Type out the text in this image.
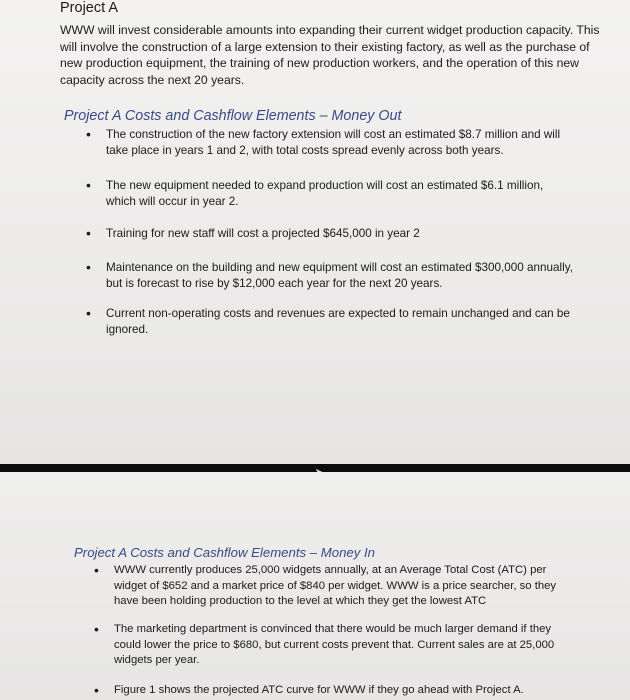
Project A

WWW will invest considerable amounts into expanding their current widget production capacity. This will involve the construction of a large extension to their existing factory, as well as the purchase of new production equipment, the training of new production workers, and the operation of this new capacity across the next 20 years.

Project A Costs and Cashflow Elements – Money Out
• The construction of the new factory extension will cost an estimated $8.7 million and will take place in years 1 and 2, with total costs spread evenly across both years.
• The new equipment needed to expand production will cost an estimated $6.1 million, which will occur in year 2.
• Training for new staff will cost a projected $645,000 in year 2
• Maintenance on the building and new equipment will cost an estimated $300,000 annually, but is forecast to rise by $12,000 each year for the next 20 years.
• Current non-operating costs and revenues are expected to remain unchanged and can be ignored.
Project A Costs and Cashflow Elements – Money In
• WWW currently produces 25,000 widgets annually, at an Average Total Cost (ATC) per widget of $652 and a market price of $840 per widget. WWW is a price searcher, so they have been holding production to the level at which they get the lowest ATC
• The marketing department is convinced that there would be much larger demand if they could lower the price to $680, but current costs prevent that. Current sales are at 25,000 widgets per year.
• Figure 1 shows the projected ATC curve for WWW if they go ahead with Project A.
